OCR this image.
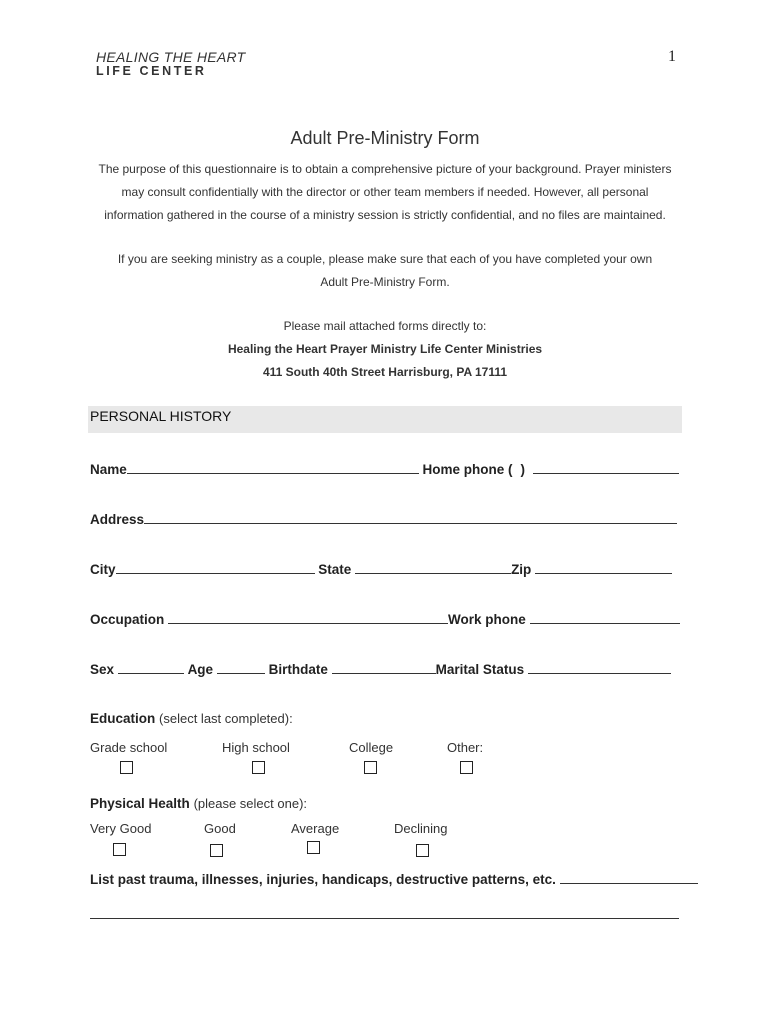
HEALING THE HEART
LIFE CENTER
1
Adult Pre-Ministry Form
The purpose of this questionnaire is to obtain a comprehensive picture of your background. Prayer ministers
may consult confidentially with the director or other team members if needed. However, all personal
information gathered in the course of a ministry session is strictly confidential, and no files are maintained.
If you are seeking ministry as a couple, please make sure that each of you have completed your own
Adult Pre-Ministry Form.
Please mail attached forms directly to:
Healing the Heart Prayer Ministry Life Center Ministries
411 South 40th Street Harrisburg, PA 17111
PERSONAL HISTORY
Name	Home phone ( )
Address
City	State	Zip
Occupation	Work phone
Sex	Age	Birthdate	Marital Status
Education (select last completed):
Grade school	High school	College	Other:
Physical Health (please select one):
Very Good	Good	Average	Declining
List past trauma, illnesses, injuries, handicaps, destructive patterns, etc.
